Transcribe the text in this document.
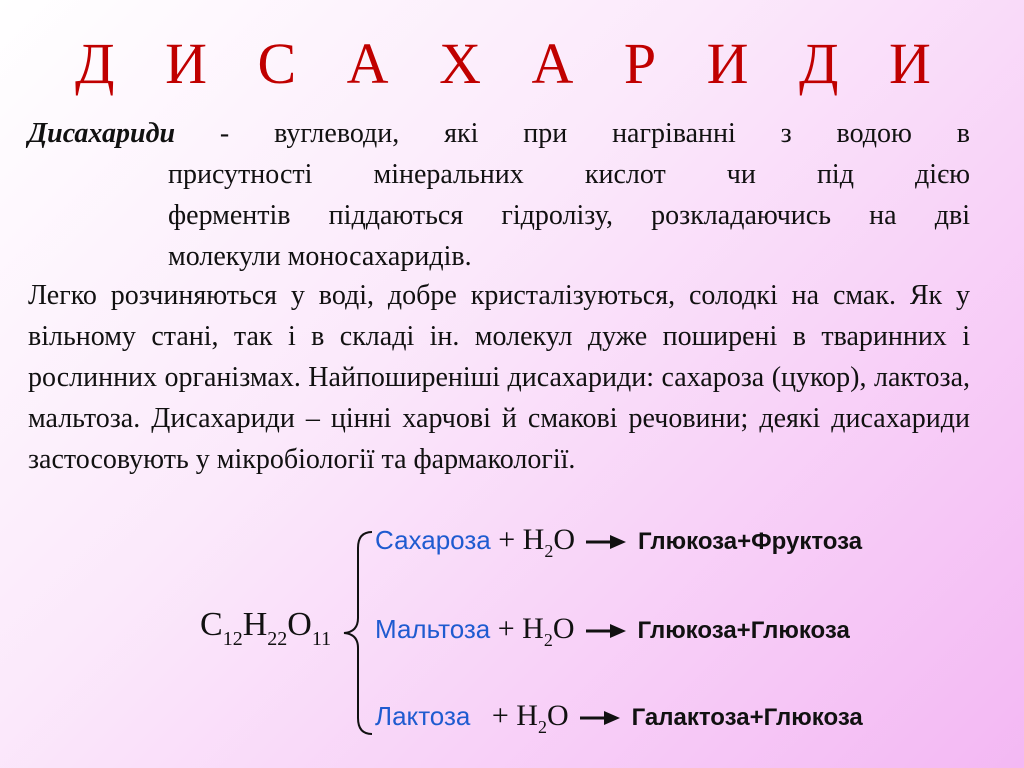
Д И С А Х А Р И Д И
Дисахариди - вуглеводи, які при нагріванні з водою в
присутності мінеральних кислот чи під дією
ферментів піддаються гідролізу, розкладаючись на дві
молекули моносахаридів.

Легко розчиняються у воді, добре кристалізуються, солодкі на смак. Як у вільному стані, так і в складі ін. молекул дуже поширені в тваринних і рослинних організмах. Найпоширеніші дисахариди: сахароза (цукор), лактоза, мальтоза. Дисахариди – цінні харчові й смакові речовини; деякі дисахариди застосовують у мікробіології та фармакології.

$C_{12}H_{22}O_{11}$
Сахароза + $H_2O$	Глюкоза+Фруктоза
Мальтоза + $H_2O$	Глюкоза+Глюкоза
Лактоза + $H_2O$	Галактоза+Глюкоза
